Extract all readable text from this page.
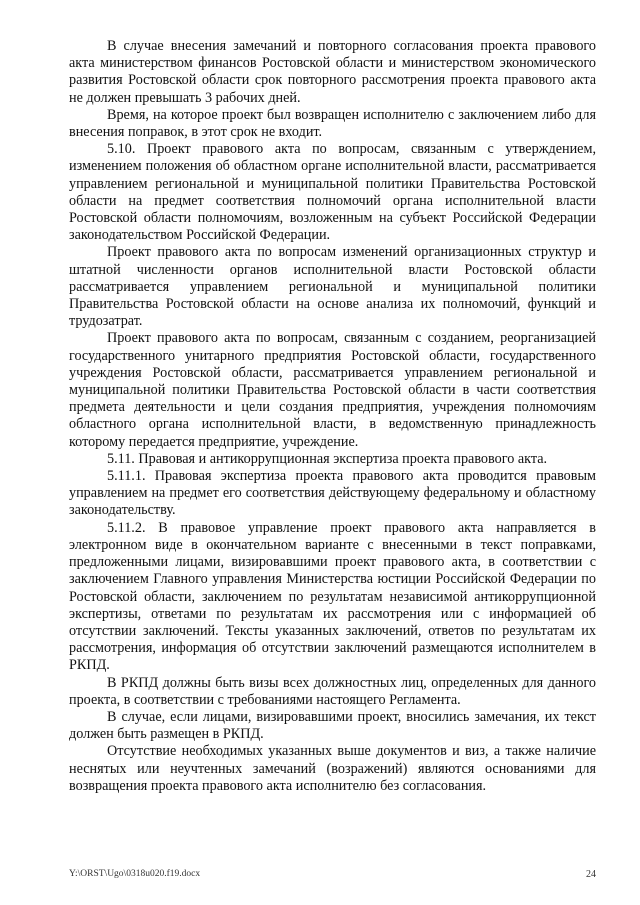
В случае внесения замечаний и повторного согласования проекта правового акта министерством финансов Ростовской области и министерством экономического развития Ростовской области срок повторного рассмотрения проекта правового акта не должен превышать 3 рабочих дней.

Время, на которое проект был возвращен исполнителю с заключением либо для внесения поправок, в этот срок не входит.

5.10. Проект правового акта по вопросам, связанным с утверждением, изменением положения об областном органе исполнительной власти, рассматривается управлением региональной и муниципальной политики Правительства Ростовской области на предмет соответствия полномочий органа исполнительной власти Ростовской области полномочиям, возложенным на субъект Российской Федерации законодательством Российской Федерации.

Проект правового акта по вопросам изменений организационных структур и штатной численности органов исполнительной власти Ростовской области рассматривается управлением региональной и муниципальной политики Правительства Ростовской области на основе анализа их полномочий, функций и трудозатрат.

Проект правового акта по вопросам, связанным с созданием, реорганизацией государственного унитарного предприятия Ростовской области, государственного учреждения Ростовской области, рассматривается управлением региональной и муниципальной политики Правительства Ростовской области в части соответствия предмета деятельности и цели создания предприятия, учреждения полномочиям областного органа исполнительной власти, в ведомственную принадлежность которому передается предприятие, учреждение.

5.11. Правовая и антикоррупционная экспертиза проекта правового акта.

5.11.1. Правовая экспертиза проекта правового акта проводится правовым управлением на предмет его соответствия действующему федеральному и областному законодательству.

5.11.2. В правовое управление проект правового акта направляется в электронном виде в окончательном варианте с внесенными в текст поправками, предложенными лицами, визировавшими проект правового акта, в соответствии с заключением Главного управления Министерства юстиции Российской Федерации по Ростовской области, заключением по результатам независимой антикоррупционной экспертизы, ответами по результатам их рассмотрения или с информацией об отсутствии заключений. Тексты указанных заключений, ответов по результатам их рассмотрения, информация об отсутствии заключений размещаются исполнителем в РКПД.

В РКПД должны быть визы всех должностных лиц, определенных для данного проекта, в соответствии с требованиями настоящего Регламента.

В случае, если лицами, визировавшими проект, вносились замечания, их текст должен быть размещен в РКПД.

Отсутствие необходимых указанных выше документов и виз, а также наличие неснятых или неучтенных замечаний (возражений) являются основаниями для возвращения проекта правового акта исполнителю без согласования.

Y:\ORST\Ugo\0318u020.f19.docx	24
